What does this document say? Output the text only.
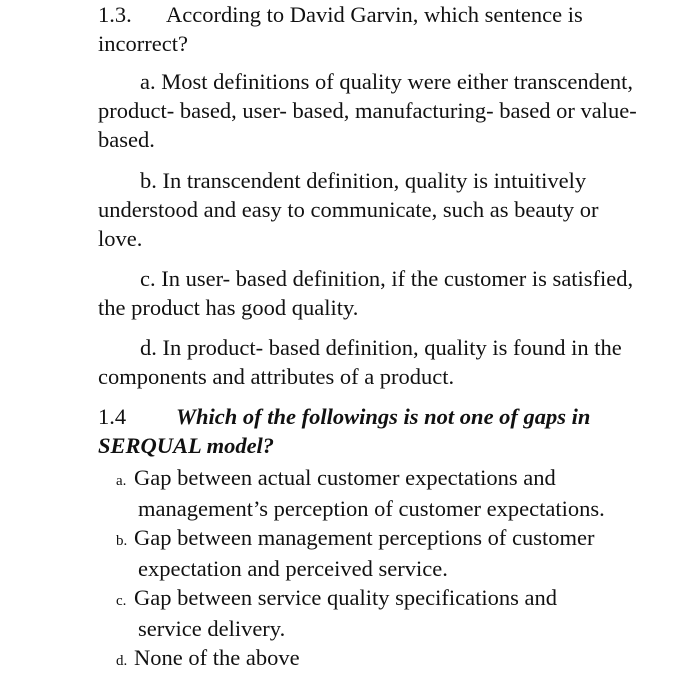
1.3. According to David Garvin, which sentence is
incorrect?
a. Most definitions of quality were either transcendent, product- based, user- based, manufacturing- based or value- based.
b. In transcendent definition, quality is intuitively understood and easy to communicate, such as beauty or love.
c. In user- based definition, if the customer is satisfied, the product has good quality.
d. In product- based definition, quality is found in the components and attributes of a product.
1.4 Which of the followings is not one of gaps in
SERQUAL model?
a. Gap between actual customer expectations and
management’s perception of customer expectations.
b. Gap between management perceptions of customer
expectation and perceived service.
c. Gap between service quality specifications and
service delivery.
d. None of the above
